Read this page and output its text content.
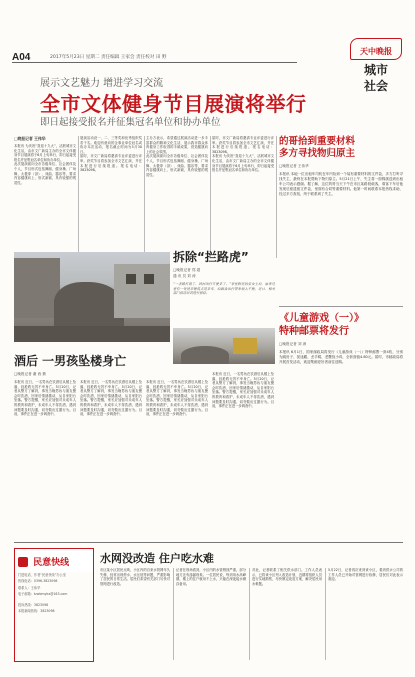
A04	2017年5月23日 星期二 责任编辑 王家会 责任校对 田 野
天中晚报
城市
社会
展示文艺魅力 增进学习交流
全市文体健身节目展演将举行
即日起接受报名并征集冠名单位和协办单位
□晚报记者 王伟华
本报讯 为庆祝“喜迎十九大”，活跃城市文化生活，由市文广新局主办的全市文体健身节目展演将于6月上旬举行，即日起接受报名并征集冠名单位和协办单位。
此次展演面向全市各级单位、社会团体及个人，节目形式包括舞蹈、健身操、广场舞、太极拳（剑）、戏曲、器乐等，要求内容健康向上、形式新颖，具有较强的观赏性。
展演活动设一、二、三等奖和优秀组织奖若干名。欢迎有意向的企事业单位冠名或协办本次活动，报名截止时间为5月30日。
届时，市文广新局将邀请专业评委进行评审。获奖节目将参加全市文艺汇演，并在本报进行后续报道。报名电话：3823098。
主办方表示，希望通过展演活动进一步丰富群众的精神文化生活，展示我市群众体育健身工作取得的丰硕成果，营造健康向上的社会氛围。
此次展演面向全市各级单位、社会团体及个人，节目形式包括舞蹈、健身操、广场舞、太极拳（剑）、戏曲、器乐等，要求内容健康向上、形式新颖，具有较强的观赏性。
届时，市文广新局将邀请专业评委进行评审。获奖节目将参加全市文艺汇演，并在本报进行后续报道。报名电话：3823098。
本报讯 为庆祝“喜迎十九大”，活跃城市文化生活，由市文广新局主办的全市文体健身节目展演将于6月上旬举行，即日起接受报名并征集冠名单位和协办单位。
的哥拾到重要材料
多方寻找物归原主
□晚报记者 王伟华
本报讯 本地一位出租车司机在车内捡到一个装有重要材料的文件袋，多方打听寻找失主，最终在本报帮助下物归原主。5月21日上午，失主将一面锦旗送到出租车公司表示感谢。据了解，这位的哥当天下午在市区某路段载客，乘客下车后他发现后座遗留文件袋，里面有合同等重要材料。他第一时间联系本报热线求助，经过多方查找，终于联系到了失主。
《儿童游戏（一）》
特种邮票将发行
□晚报记者 刘 涛
本报讯 6月1日，国家邮政局将发行《儿童游戏（一）》特种邮票一套4枚，分别为跳房子、捉迷藏、丢手绢、老鹰捉小鸡，全套面值4.80元。届时，市邮政局将开展首发活动，欢迎集邮爱好者前往选购。
拆除“拦路虎”
□晚报记者 郑 超
通 讯 员 刘 涛
“一条路打通了，居民出行方便多了。”家住附近的张女士说，原来这里有一处违章建筑占道多年，给群众出行带来很大不便。近日，相关部门依法对其进行拆除。
酒后 一男孩坠楼身亡
□晚报记者 谢 西 鼎
本报讯 近日，一名男孩在饮酒后从楼上坠落，经抢救无效不幸身亡。5月20日，记者从警方了解到，事发当晚男孩与朋友聚会时饮酒，回家后情绪激动，从自家阳台坠落。警方提醒，家长应加强对未成年人的教育和看护，未成年人不得饮酒，遇到问题要及时沟通，切勿做出过激行为。目前，事件正在进一步调查中。
本报讯 近日，一名男孩在饮酒后从楼上坠落，经抢救无效不幸身亡。5月20日，记者从警方了解到，事发当晚男孩与朋友聚会时饮酒，回家后情绪激动，从自家阳台坠落。警方提醒，家长应加强对未成年人的教育和看护，未成年人不得饮酒，遇到问题要及时沟通，切勿做出过激行为。目前，事件正在进一步调查中。
本报讯 近日，一名男孩在饮酒后从楼上坠落，经抢救无效不幸身亡。5月20日，记者从警方了解到，事发当晚男孩与朋友聚会时饮酒，回家后情绪激动，从自家阳台坠落。警方提醒，家长应加强对未成年人的教育和看护，未成年人不得饮酒，遇到问题要及时沟通，切勿做出过激行为。目前，事件正在进一步调查中。
本报讯 近日，一名男孩在饮酒后从楼上坠落，经抢救无效不幸身亡。5月20日，记者从警方了解到，事发当晚男孩与朋友聚会时饮酒，回家后情绪激动，从自家阳台坠落。警方提醒，家长应加强对未成年人的教育和看护，未成年人不得饮酒，遇到问题要及时沟通，切勿做出过激行为。目前，事件正在进一步调查中。
民意快线
打进电话、作者“民意快线”办公室
热线电话：0396-3823098
联系人：王伟华
电子邮箱：tzwbmykx@163.com
投诉热线：3823098
本报新闻热线：3823098
水网没改造 住户吃水难
市区某小区居民反映，小区内的自来水管网年久失修，经常出现停水、水压低等问题，严重影响了居民的日常生活。居民们希望有关部门尽快对管网进行改造。
记者在现场看到，小区内的水管锈蚀严重，部分地方还有渗漏现象。一位居民说，每到用水高峰期，楼上的住户就用不上水，只能在深夜接水储存备用。
对此，记者联系了相关供水部门。工作人员表示，已将该小区列入改造计划，近期将组织人员进行实地勘察，尽快制定改造方案，解决居民用水难题。
5月22日，记者再次来到该小区，看到供水公司的工作人员已开始对管网进行检修，居民们对此表示欢迎。
